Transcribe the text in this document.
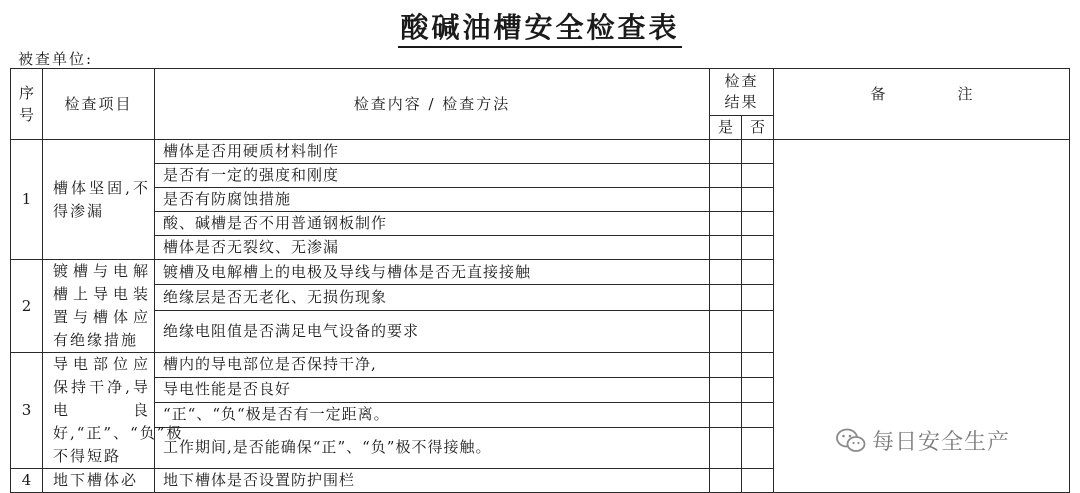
酸碱油槽安全检查表
被查单位:
序号	检查项目	检查内容 / 检查方法	检查结果		备 注
			是	否	
1	槽体坚固,不得渗漏	槽体是否用硬质材料制作			
		是否有一定的强度和刚度			
		是否有防腐蚀措施			
		酸、碱槽是否不用普通钢板制作			
		槽体是否无裂纹、无渗漏			
2	镀槽与电解槽上导电装置与槽体应有绝缘措施	镀槽及电解槽上的电极及导线与槽体是否无直接接触			
		绝缘层是否无老化、无损伤现象			
		绝缘电阻值是否满足电气设备的要求			
3	导电部位应保持干净,导电良好,“正”、“负”极不得短路	槽内的导电部位是否保持干净,			
		导电性能是否良好			
		“正“、“负“极是否有一定距离。			
		工作期间,是否能确保“正”、“负”极不得接触。			
4	地下槽体必	地下槽体是否设置防护围栏			
每日安全生产
